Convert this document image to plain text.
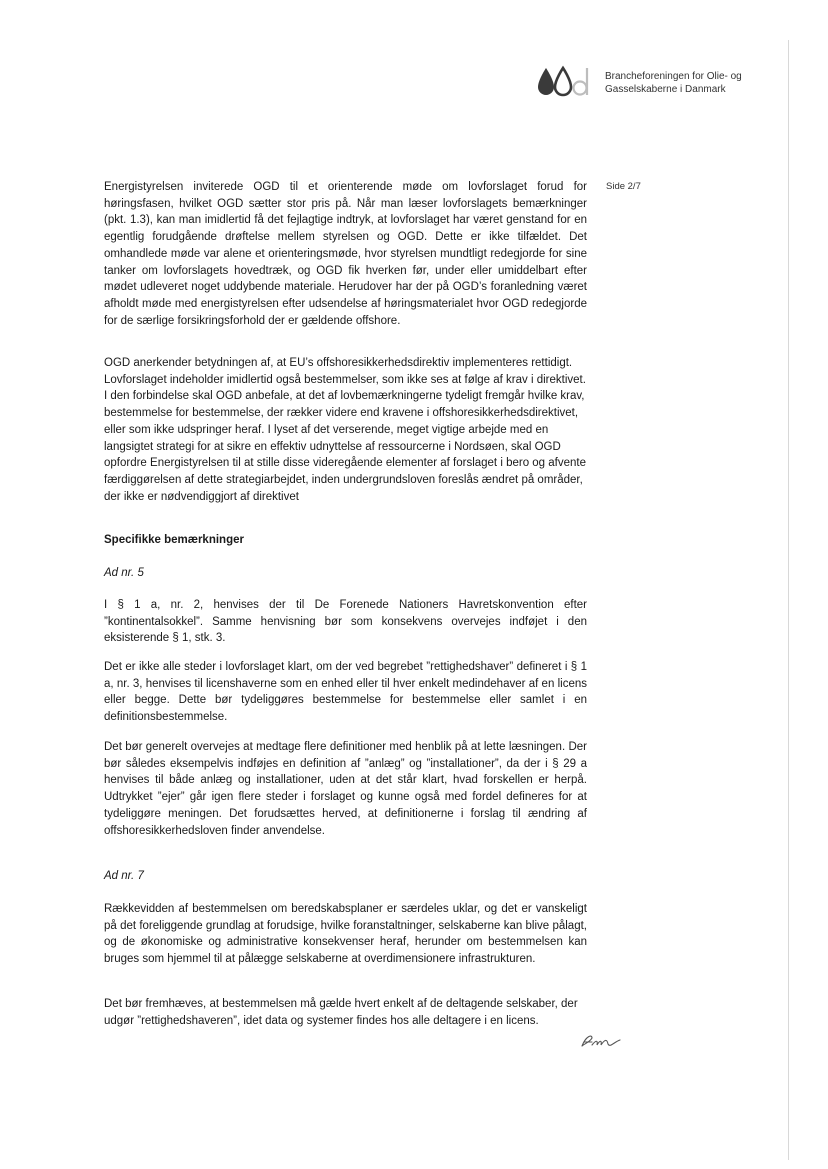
Brancheforeningen for Olie- og
Gasselskaberne i Danmark
Side 2/7

Energistyrelsen inviterede OGD til et orienterende møde om lovforslaget forud for høringsfasen, hvilket OGD sætter stor pris på. Når man læser lovforslagets bemærkninger (pkt. 1.3), kan man imidlertid få det fejlagtige indtryk, at lovforslaget har været genstand for en egentlig forudgående drøftelse mellem styrelsen og OGD. Dette er ikke tilfældet. Det omhandlede møde var alene et orienteringsmøde, hvor styrelsen mundtligt redegjorde for sine tanker om lovforslagets hovedtræk, og OGD fik hverken før, under eller umiddelbart efter mødet udleveret noget uddybende materiale. Herudover har der på OGD’s foranledning været afholdt møde med energistyrelsen efter udsendelse af høringsmaterialet hvor OGD redegjorde for de særlige forsikringsforhold der er gældende offshore.

OGD anerkender betydningen af, at EU’s offshoresikkerhedsdirektiv implementeres rettidigt. Lovforslaget indeholder imidlertid også bestemmelser, som ikke ses at følge af krav i direktivet. I den forbindelse skal OGD anbefale, at det af lovbemærkningerne tydeligt fremgår hvilke krav, bestemmelse for bestemmelse, der rækker videre end kravene i offshoresikkerhedsdirektivet, eller som ikke udspringer heraf. I lyset af det verserende, meget vigtige arbejde med en langsigtet strategi for at sikre en effektiv udnyttelse af ressourcerne i Nordsøen, skal OGD opfordre Energistyrelsen til at stille disse videregående elementer af forslaget i bero og afvente færdiggørelsen af dette strategiarbejdet, inden undergrundsloven foreslås ændret på områder, der ikke er nødvendiggjort af direktivet

Specifikke bemærkninger
Ad nr. 5

I § 1 a, nr. 2, henvises der til De Forenede Nationers Havretskonvention efter ”kontinentalsokkel”. Samme henvisning bør som konsekvens overvejes indføjet i den eksisterende § 1, stk. 3.

Det er ikke alle steder i lovforslaget klart, om der ved begrebet ”rettighedshaver” defineret i § 1 a, nr. 3, henvises til licenshaverne som en enhed eller til hver enkelt medindehaver af en licens eller begge. Dette bør tydeliggøres bestemmelse for bestemmelse eller samlet i en definitionsbestemmelse.

Det bør generelt overvejes at medtage flere definitioner med henblik på at lette læsningen. Der bør således eksempelvis indføjes en definition af ”anlæg” og ”installationer”, da der i § 29 a henvises til både anlæg og installationer, uden at det står klart, hvad forskellen er herpå. Udtrykket ”ejer” går igen flere steder i forslaget og kunne også med fordel defineres for at tydeliggøre meningen. Det forudsættes herved, at definitionerne i forslag til ændring af offshoresikkerhedsloven finder anvendelse.

Ad nr. 7

Rækkevidden af bestemmelsen om beredskabsplaner er særdeles uklar, og det er vanskeligt på det foreliggende grundlag at forudsige, hvilke foranstaltninger, selskaberne kan blive pålagt, og de økonomiske og administrative konsekvenser heraf, herunder om bestemmelsen kan bruges som hjemmel til at pålægge selskaberne at overdimensionere infrastrukturen.

Det bør fremhæves, at bestemmelsen må gælde hvert enkelt af de deltagende selskaber, der udgør ”rettighedshaveren”, idet data og systemer findes hos alle deltagere i en licens.
